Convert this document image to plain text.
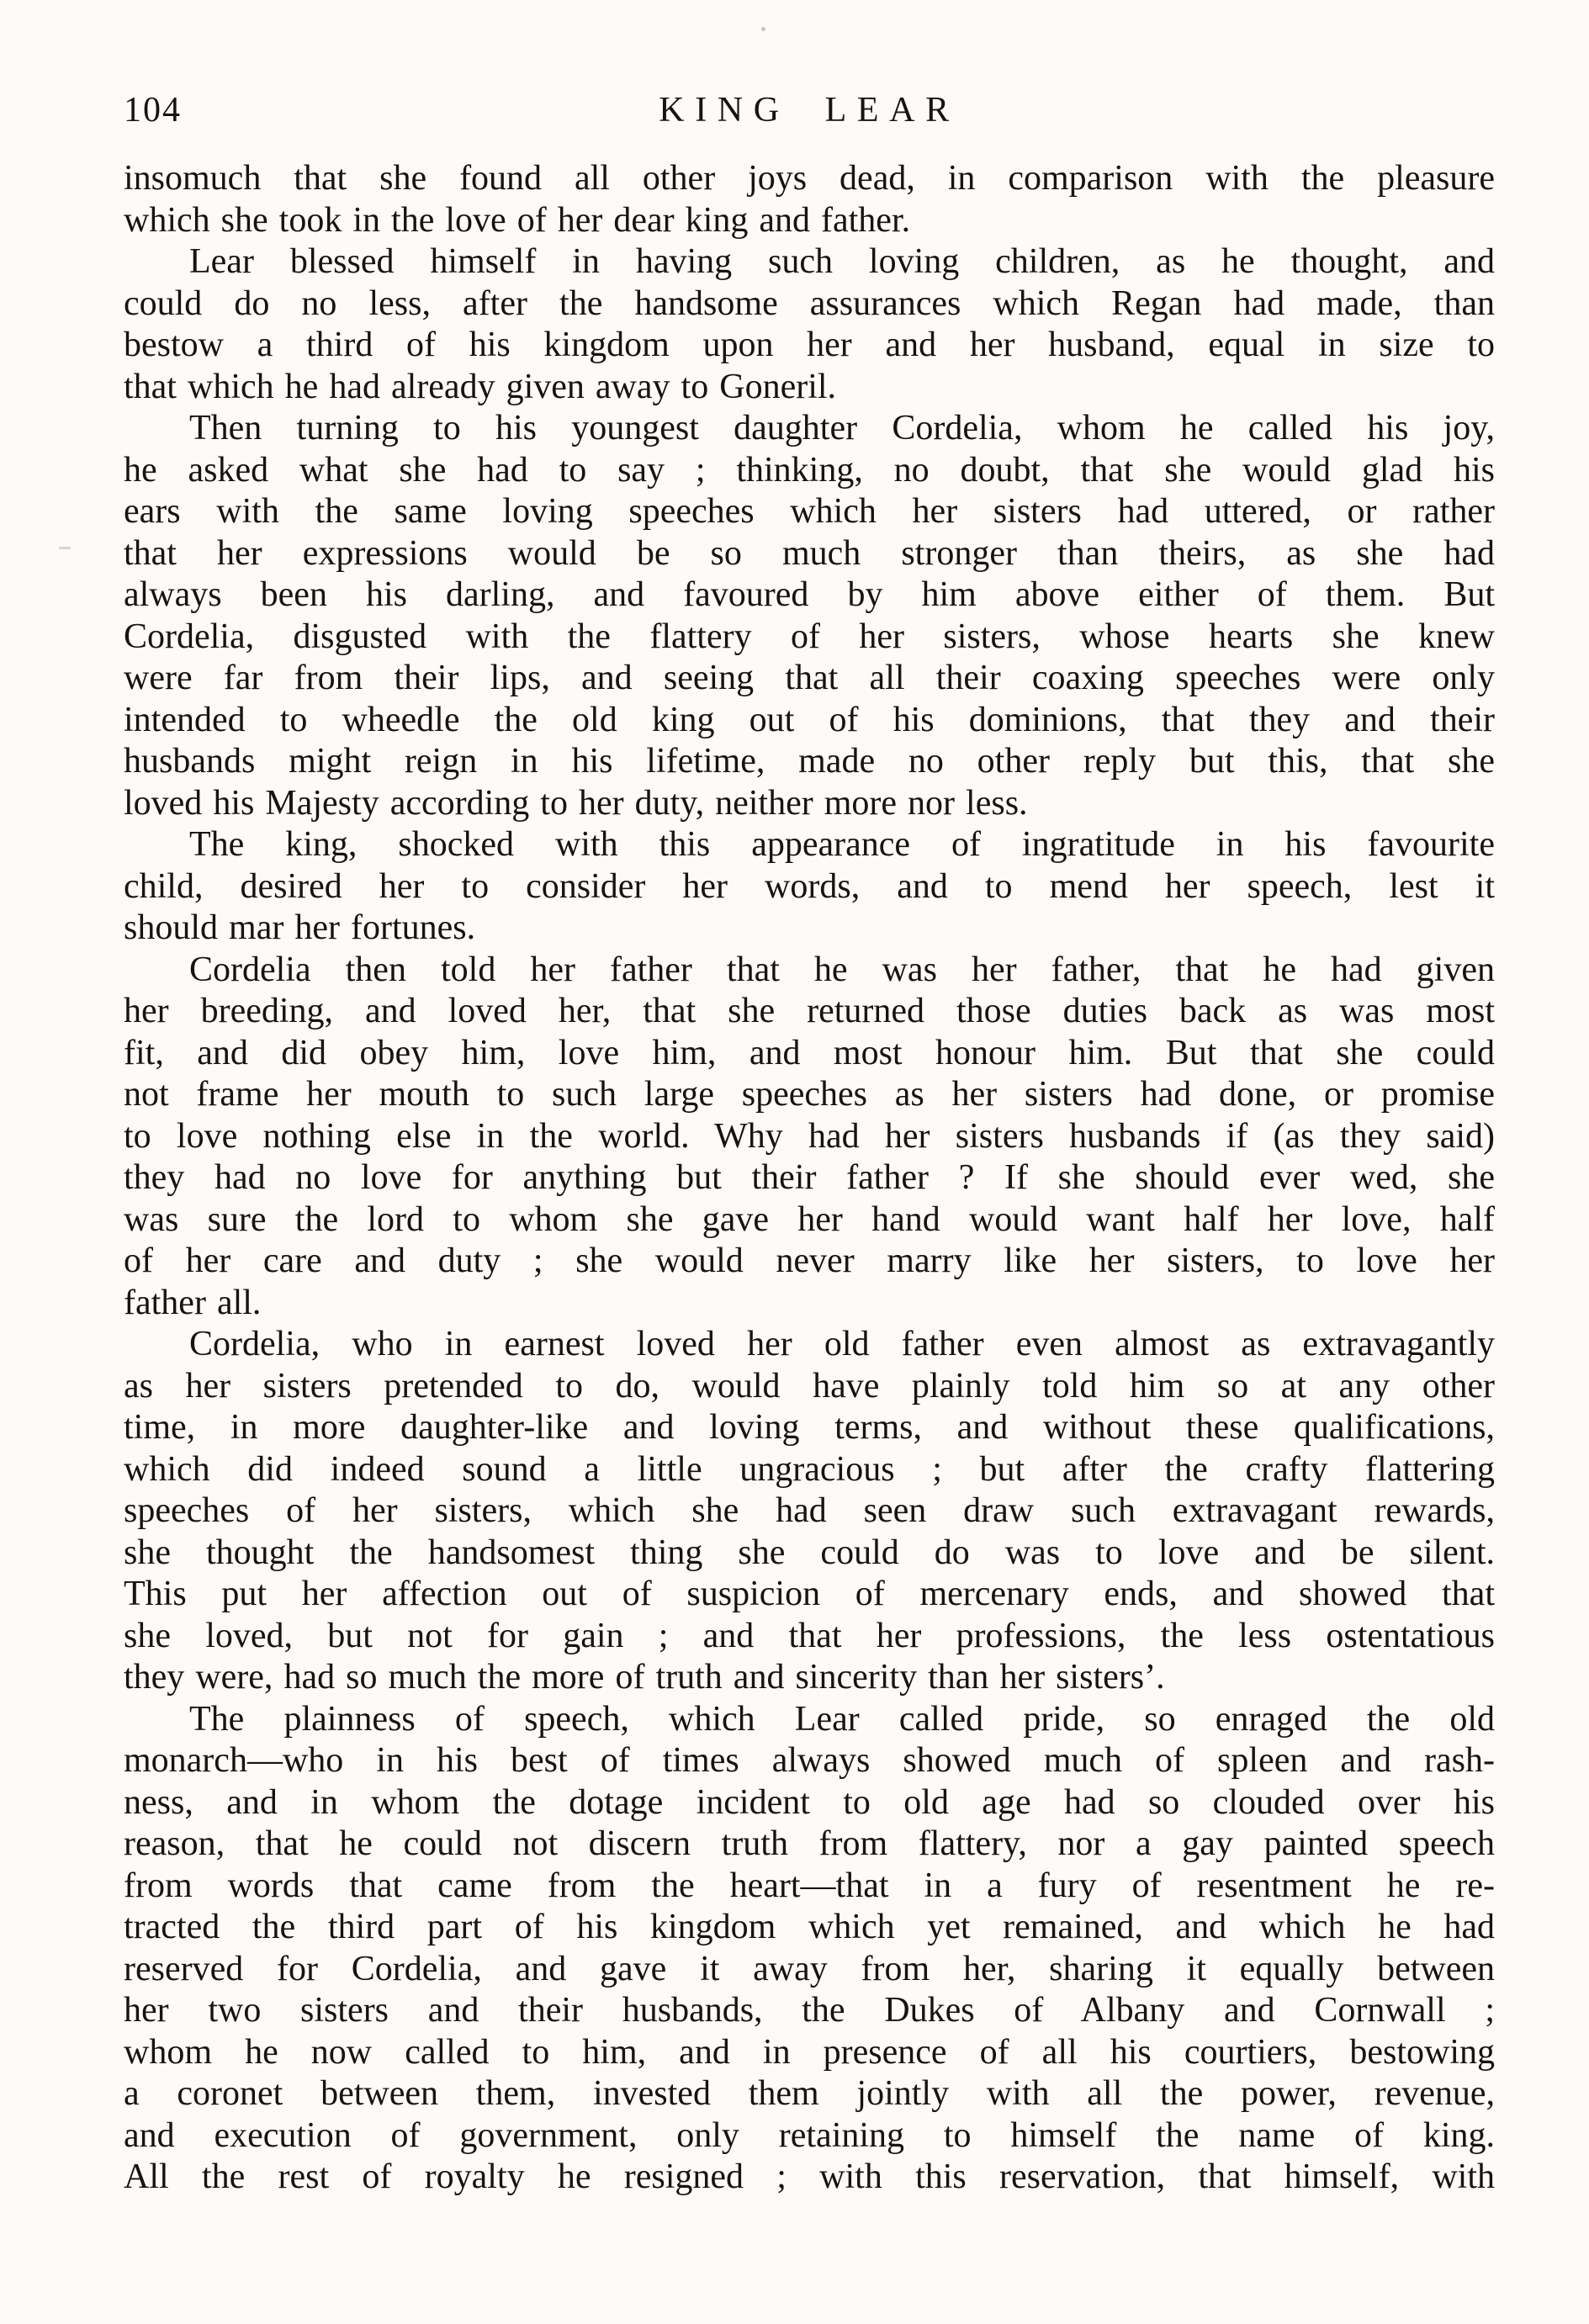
104	KING LEAR
insomuch that she found all other joys dead, in comparison with the pleasure
which she took in the love of her dear king and father.
Lear blessed himself in having such loving children, as he thought, and
could do no less, after the handsome assurances which Regan had made, than
bestow a third of his kingdom upon her and her husband, equal in size to
that which he had already given away to Goneril.
Then turning to his youngest daughter Cordelia, whom he called his joy,
he asked what she had to say ; thinking, no doubt, that she would glad his
ears with the same loving speeches which her sisters had uttered, or rather
that her expressions would be so much stronger than theirs, as she had
always been his darling, and favoured by him above either of them. But
Cordelia, disgusted with the flattery of her sisters, whose hearts she knew
were far from their lips, and seeing that all their coaxing speeches were only
intended to wheedle the old king out of his dominions, that they and their
husbands might reign in his lifetime, made no other reply but this, that she
loved his Majesty according to her duty, neither more nor less.
The king, shocked with this appearance of ingratitude in his favourite
child, desired her to consider her words, and to mend her speech, lest it
should mar her fortunes.
Cordelia then told her father that he was her father, that he had given
her breeding, and loved her, that she returned those duties back as was most
fit, and did obey him, love him, and most honour him. But that she could
not frame her mouth to such large speeches as her sisters had done, or promise
to love nothing else in the world. Why had her sisters husbands if (as they said)
they had no love for anything but their father ? If she should ever wed, she
was sure the lord to whom she gave her hand would want half her love, half
of her care and duty ; she would never marry like her sisters, to love her
father all.
Cordelia, who in earnest loved her old father even almost as extravagantly
as her sisters pretended to do, would have plainly told him so at any other
time, in more daughter-like and loving terms, and without these qualifications,
which did indeed sound a little ungracious ; but after the crafty flattering
speeches of her sisters, which she had seen draw such extravagant rewards,
she thought the handsomest thing she could do was to love and be silent.
This put her affection out of suspicion of mercenary ends, and showed that
she loved, but not for gain ; and that her professions, the less ostentatious
they were, had so much the more of truth and sincerity than her sisters’.
The plainness of speech, which Lear called pride, so enraged the old
monarch—who in his best of times always showed much of spleen and rash-
ness, and in whom the dotage incident to old age had so clouded over his
reason, that he could not discern truth from flattery, nor a gay painted speech
from words that came from the heart—that in a fury of resentment he re-
tracted the third part of his kingdom which yet remained, and which he had
reserved for Cordelia, and gave it away from her, sharing it equally between
her two sisters and their husbands, the Dukes of Albany and Cornwall ;
whom he now called to him, and in presence of all his courtiers, bestowing
a coronet between them, invested them jointly with all the power, revenue,
and execution of government, only retaining to himself the name of king.
All the rest of royalty he resigned ; with this reservation, that himself, with
